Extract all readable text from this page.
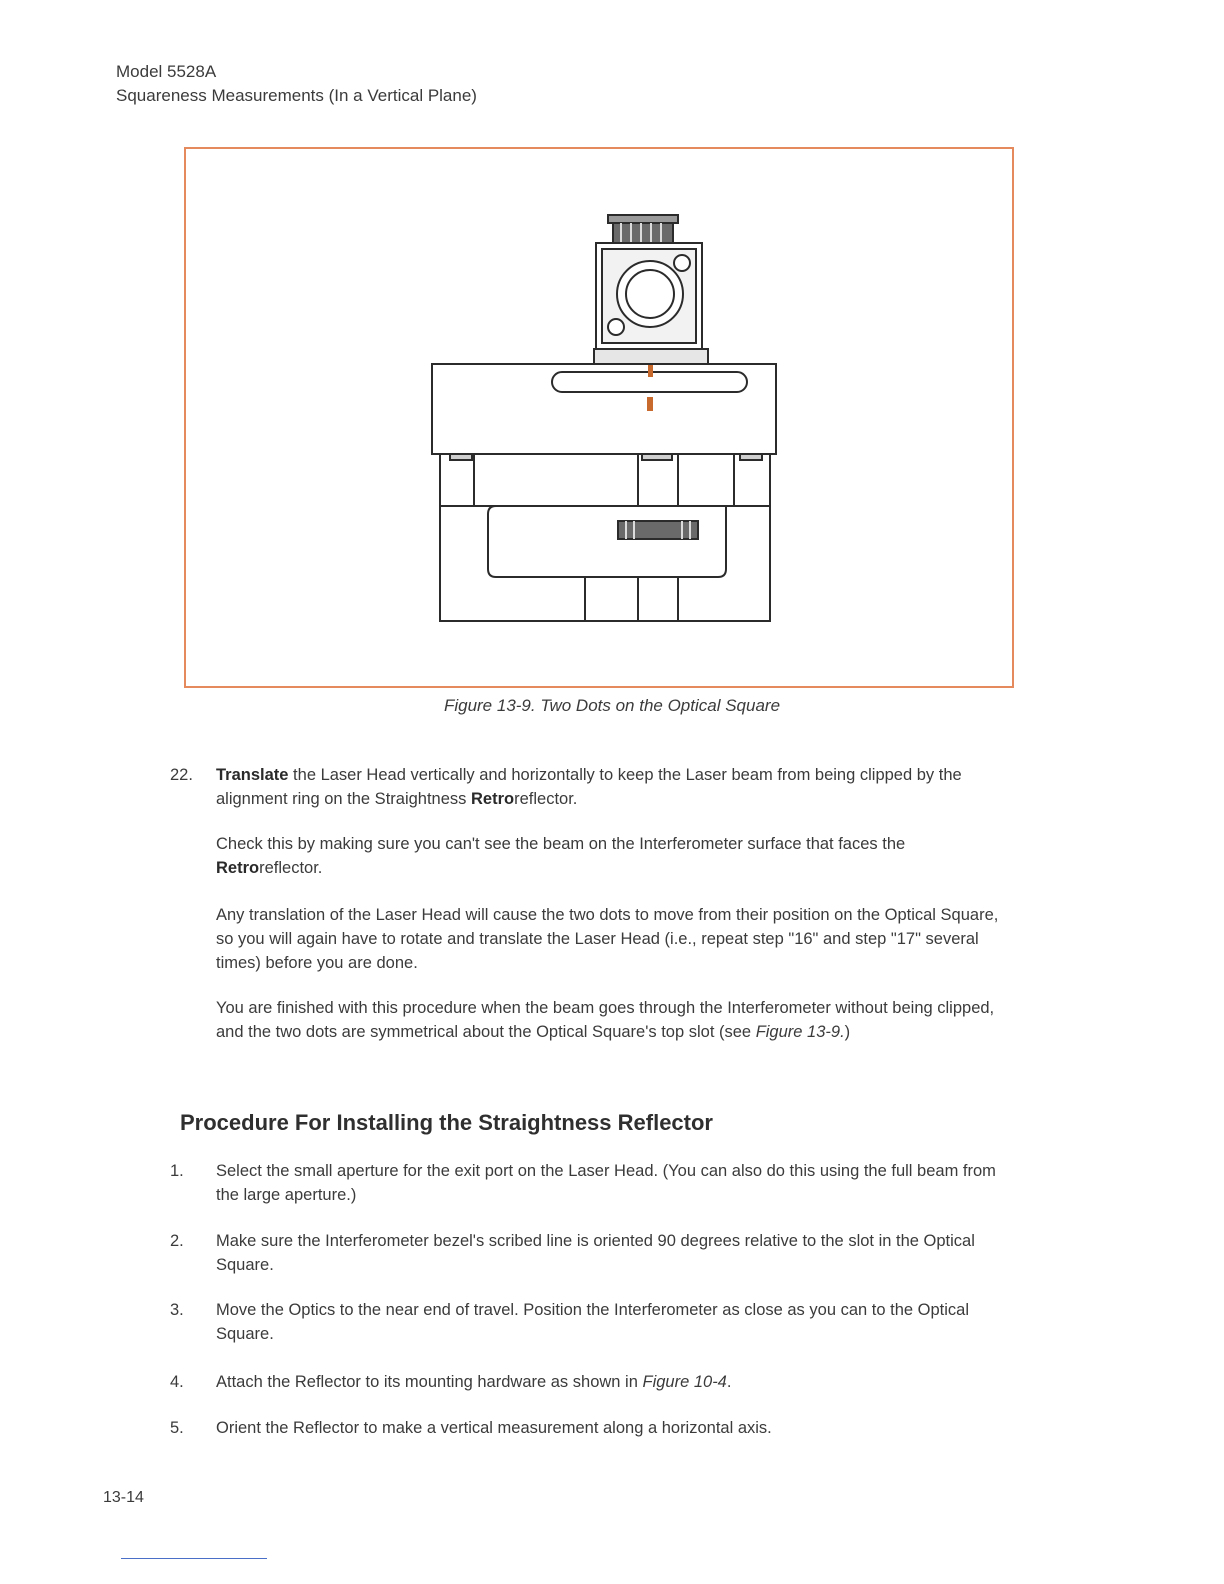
Model 5528A
Squareness Measurements (In a Vertical Plane)
Figure 13-9. Two Dots on the Optical Square
22.	Translate the Laser Head vertically and horizontally to keep the Laser beam from being clipped by the alignment ring on the Straightness Retroreflector.
Check this by making sure you can't see the beam on the Interferometer surface that faces the Retroreflector.
Any translation of the Laser Head will cause the two dots to move from their position on the Optical Square, so you will again have to rotate and translate the Laser Head (i.e., repeat step "16" and step "17" several times) before you are done.
You are finished with this procedure when the beam goes through the Interferometer without being clipped, and the two dots are symmetrical about the Optical Square's top slot (see Figure 13-9.)
Procedure For Installing the Straightness Reflector
1.	Select the small aperture for the exit port on the Laser Head. (You can also do this using the full beam from the large aperture.)
2.	Make sure the Interferometer bezel's scribed line is oriented 90 degrees relative to the slot in the Optical Square.
3.	Move the Optics to the near end of travel. Position the Interferometer as close as you can to the Optical Square.
4.	Attach the Reflector to its mounting hardware as shown in Figure 10-4.
5.	Orient the Reflector to make a vertical measurement along a horizontal axis.
13-14
